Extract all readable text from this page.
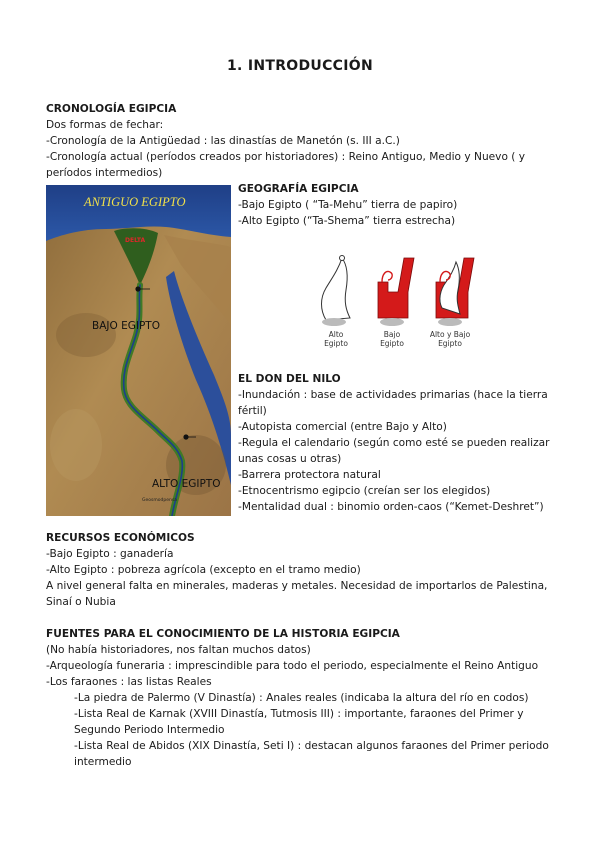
1. INTRODUCCIÓN
CRONOLOGÍA EGIPCIA
Dos formas de fechar:
-Cronología de la Antigüedad : las dinastías de Manetón (s. III a.C.)
-Cronología actual (períodos creados por historiadores) : Reino Antiguo, Medio y Nuevo ( y
períodos intermedios)
ANTIGUO EGIPTO
DELTA
BAJO EGIPTO
ALTO EGIPTO
Geosmodpensa
GEOGRAFÍA EGIPCIA
-Bajo Egipto ( “Ta-Mehu” tierra de papiro)
-Alto Egipto (“Ta-Shema” tierra estrecha)
Alto
Egipto
Bajo
Egipto
Alto y Bajo
Egipto
EL DON DEL NILO
-Inundación : base de actividades primarias (hace la tierra
fértil)
-Autopista comercial (entre Bajo y Alto)
-Regula el calendario (según como esté se pueden realizar
unas cosas u otras)
-Barrera protectora natural
-Etnocentrismo egipcio (creían ser los elegidos)
-Mentalidad dual : binomio orden-caos (“Kemet-Deshret”)
RECURSOS ECONÓMICOS
-Bajo Egipto : ganadería
-Alto Egipto : pobreza agrícola (excepto en el tramo medio)
A nivel general falta en minerales, maderas y metales. Necesidad de importarlos de Palestina,
Sinaí o Nubia
FUENTES PARA EL CONOCIMIENTO DE LA HISTORIA EGIPCIA
(No había historiadores, nos faltan muchos datos)
-Arqueología funeraria : imprescindible para todo el periodo, especialmente el Reino Antiguo
-Los faraones : las listas Reales
-La piedra de Palermo (V Dinastía) : Anales reales (indicaba la altura del río en codos)
-Lista Real de Karnak (XVIII Dinastía, Tutmosis III) : importante, faraones del Primer y
Segundo Periodo Intermedio
-Lista Real de Abidos (XIX Dinastía, Seti I) : destacan algunos faraones del Primer periodo
intermedio
